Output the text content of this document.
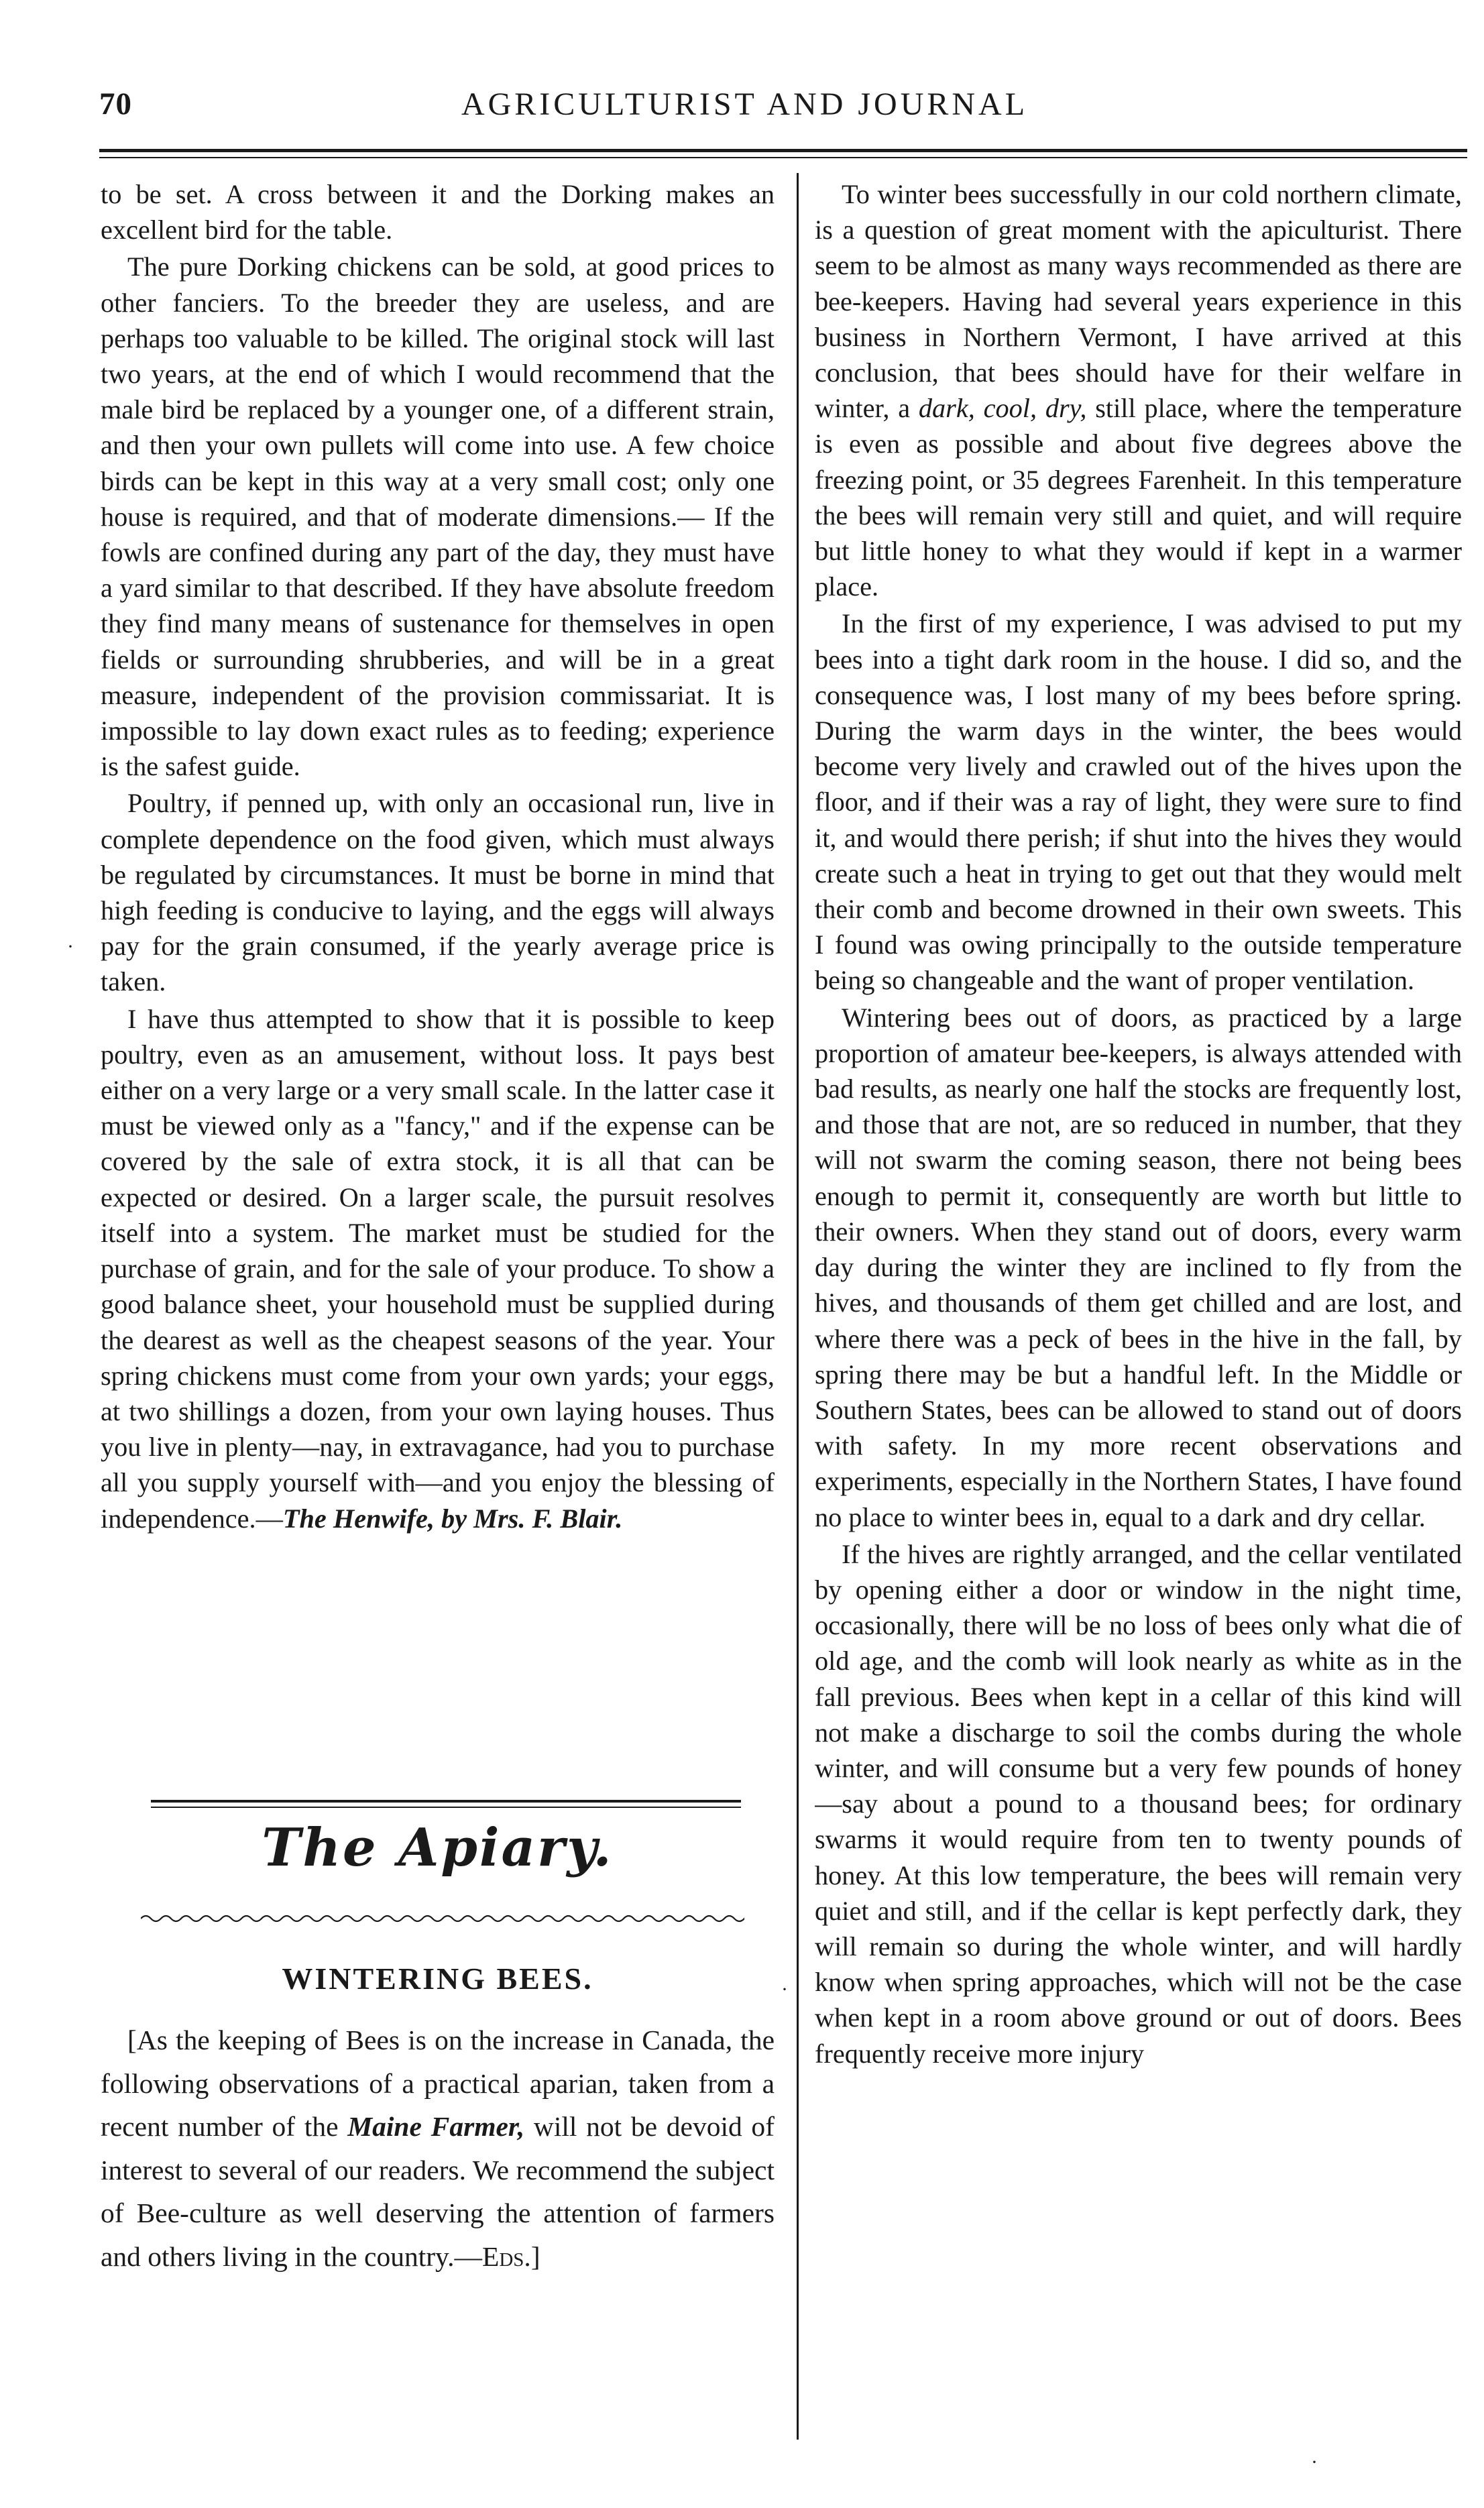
70	AGRICULTURIST AND JOURNAL

to be set. A cross between it and the Dorking makes an excellent bird for the table.

The pure Dorking chickens can be sold, at good prices to other fanciers. To the breeder they are useless, and are perhaps too valuable to be killed. The original stock will last two years, at the end of which I would recommend that the male bird be replaced by a younger one, of a different strain, and then your own pullets will come into use. A few choice birds can be kept in this way at a very small cost; only one house is required, and that of moderate dimensions.— If the fowls are confined during any part of the day, they must have a yard similar to that described. If they have absolute freedom they find many means of sustenance for themselves in open fields or surrounding shrubberies, and will be in a great measure, independent of the provision commissariat. It is impossible to lay down exact rules as to feeding; experience is the safest guide.

Poultry, if penned up, with only an occasional run, live in complete dependence on the food given, which must always be regulated by circumstances. It must be borne in mind that high feeding is conducive to laying, and the eggs will always pay for the grain consumed, if the yearly average price is taken.

I have thus attempted to show that it is possible to keep poultry, even as an amusement, without loss. It pays best either on a very large or a very small scale. In the latter case it must be viewed only as a "fancy," and if the expense can be covered by the sale of extra stock, it is all that can be expected or desired. On a larger scale, the pursuit resolves itself into a system. The market must be studied for the purchase of grain, and for the sale of your produce. To show a good balance sheet, your household must be supplied during the dearest as well as the cheapest seasons of the year. Your spring chickens must come from your own yards; your eggs, at two shillings a dozen, from your own laying houses. Thus you live in plenty—nay, in extravagance, had you to purchase all you supply yourself with—and you enjoy the blessing of independence.—The Henwife, by Mrs. F. Blair.

The Apiary.
WINTERING BEES.

[As the keeping of Bees is on the increase in Canada, the following observations of a practical aparian, taken from a recent number of the Maine Farmer, will not be devoid of interest to several of our readers. We recommend the subject of Bee-culture as well deserving the attention of farmers and others living in the country.—Eds.]

To winter bees successfully in our cold northern climate, is a question of great moment with the apiculturist. There seem to be almost as many ways recommended as there are bee-keepers. Having had several years experience in this business in Northern Vermont, I have arrived at this conclusion, that bees should have for their welfare in winter, a dark, cool, dry, still place, where the temperature is even as possible and about five degrees above the freezing point, or 35 degrees Farenheit. In this temperature the bees will remain very still and quiet, and will require but little honey to what they would if kept in a warmer place.

In the first of my experience, I was advised to put my bees into a tight dark room in the house. I did so, and the consequence was, I lost many of my bees before spring. During the warm days in the winter, the bees would become very lively and crawled out of the hives upon the floor, and if their was a ray of light, they were sure to find it, and would there perish; if shut into the hives they would create such a heat in trying to get out that they would melt their comb and become drowned in their own sweets. This I found was owing principally to the outside temperature being so changeable and the want of proper ventilation.

Wintering bees out of doors, as practiced by a large proportion of amateur bee-keepers, is always attended with bad results, as nearly one half the stocks are frequently lost, and those that are not, are so reduced in number, that they will not swarm the coming season, there not being bees enough to permit it, consequently are worth but little to their owners. When they stand out of doors, every warm day during the winter they are inclined to fly from the hives, and thousands of them get chilled and are lost, and where there was a peck of bees in the hive in the fall, by spring there may be but a handful left. In the Middle or Southern States, bees can be allowed to stand out of doors with safety. In my more recent observations and experiments, especially in the Northern States, I have found no place to winter bees in, equal to a dark and dry cellar.

If the hives are rightly arranged, and the cellar ventilated by opening either a door or window in the night time, occasionally, there will be no loss of bees only what die of old age, and the comb will look nearly as white as in the fall previous. Bees when kept in a cellar of this kind will not make a discharge to soil the combs during the whole winter, and will consume but a very few pounds of honey—say about a pound to a thousand bees; for ordinary swarms it would require from ten to twenty pounds of honey. At this low temperature, the bees will remain very quiet and still, and if the cellar is kept perfectly dark, they will remain so during the whole winter, and will hardly know when spring approaches, which will not be the case when kept in a room above ground or out of doors. Bees frequently receive more injury

·
·
·
